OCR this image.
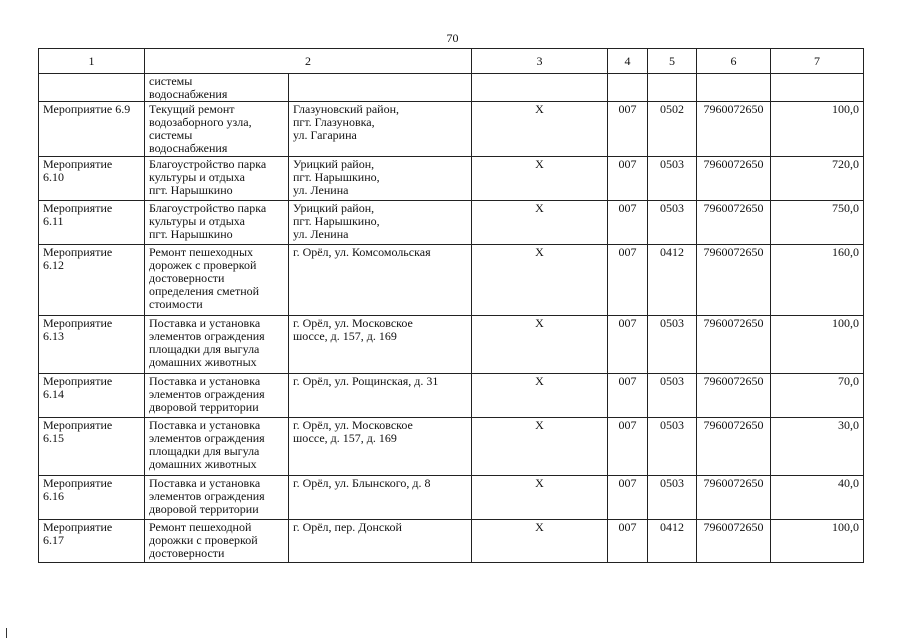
70
1	2		3	4	5	6	7

	системы
водоснабжения						

Мероприятие 6.9	Текущий ремонт
водозаборного узла,
системы
водоснабжения	Глазуновский район,
пгт. Глазуновка,
ул. Гагарина	X	007	0502	7960072650	100,0

Мероприятие
6.10	Благоустройство парка
культуры и отдыха
пгт. Нарышкино	Урицкий район,
пгт. Нарышкино,
ул. Ленина	X	007	0503	7960072650	720,0

Мероприятие
6.11	Благоустройство парка
культуры и отдыха
пгт. Нарышкино	Урицкий район,
пгт. Нарышкино,
ул. Ленина	X	007	0503	7960072650	750,0

Мероприятие
6.12	Ремонт пешеходных
дорожек с проверкой
достоверности
определения сметной
стоимости	г. Орёл, ул. Комсомольская	X	007	0412	7960072650	160,0

Мероприятие
6.13	Поставка и установка
элементов ограждения
площадки для выгула
домашних животных	г. Орёл, ул. Московское
шоссе, д. 157, д. 169	X	007	0503	7960072650	100,0

Мероприятие
6.14	Поставка и установка
элементов ограждения
дворовой территории	г. Орёл, ул. Рощинская, д. 31	X	007	0503	7960072650	70,0

Мероприятие
6.15	Поставка и установка
элементов ограждения
площадки для выгула
домашних животных	г. Орёл, ул. Московское
шоссе, д. 157, д. 169	X	007	0503	7960072650	30,0

Мероприятие
6.16	Поставка и установка
элементов ограждения
дворовой территории	г. Орёл, ул. Блынского, д. 8	X	007	0503	7960072650	40,0

Мероприятие
6.17	Ремонт пешеходной
дорожки с проверкой
достоверности	г. Орёл, пер. Донской	X	007	0412	7960072650	100,0
